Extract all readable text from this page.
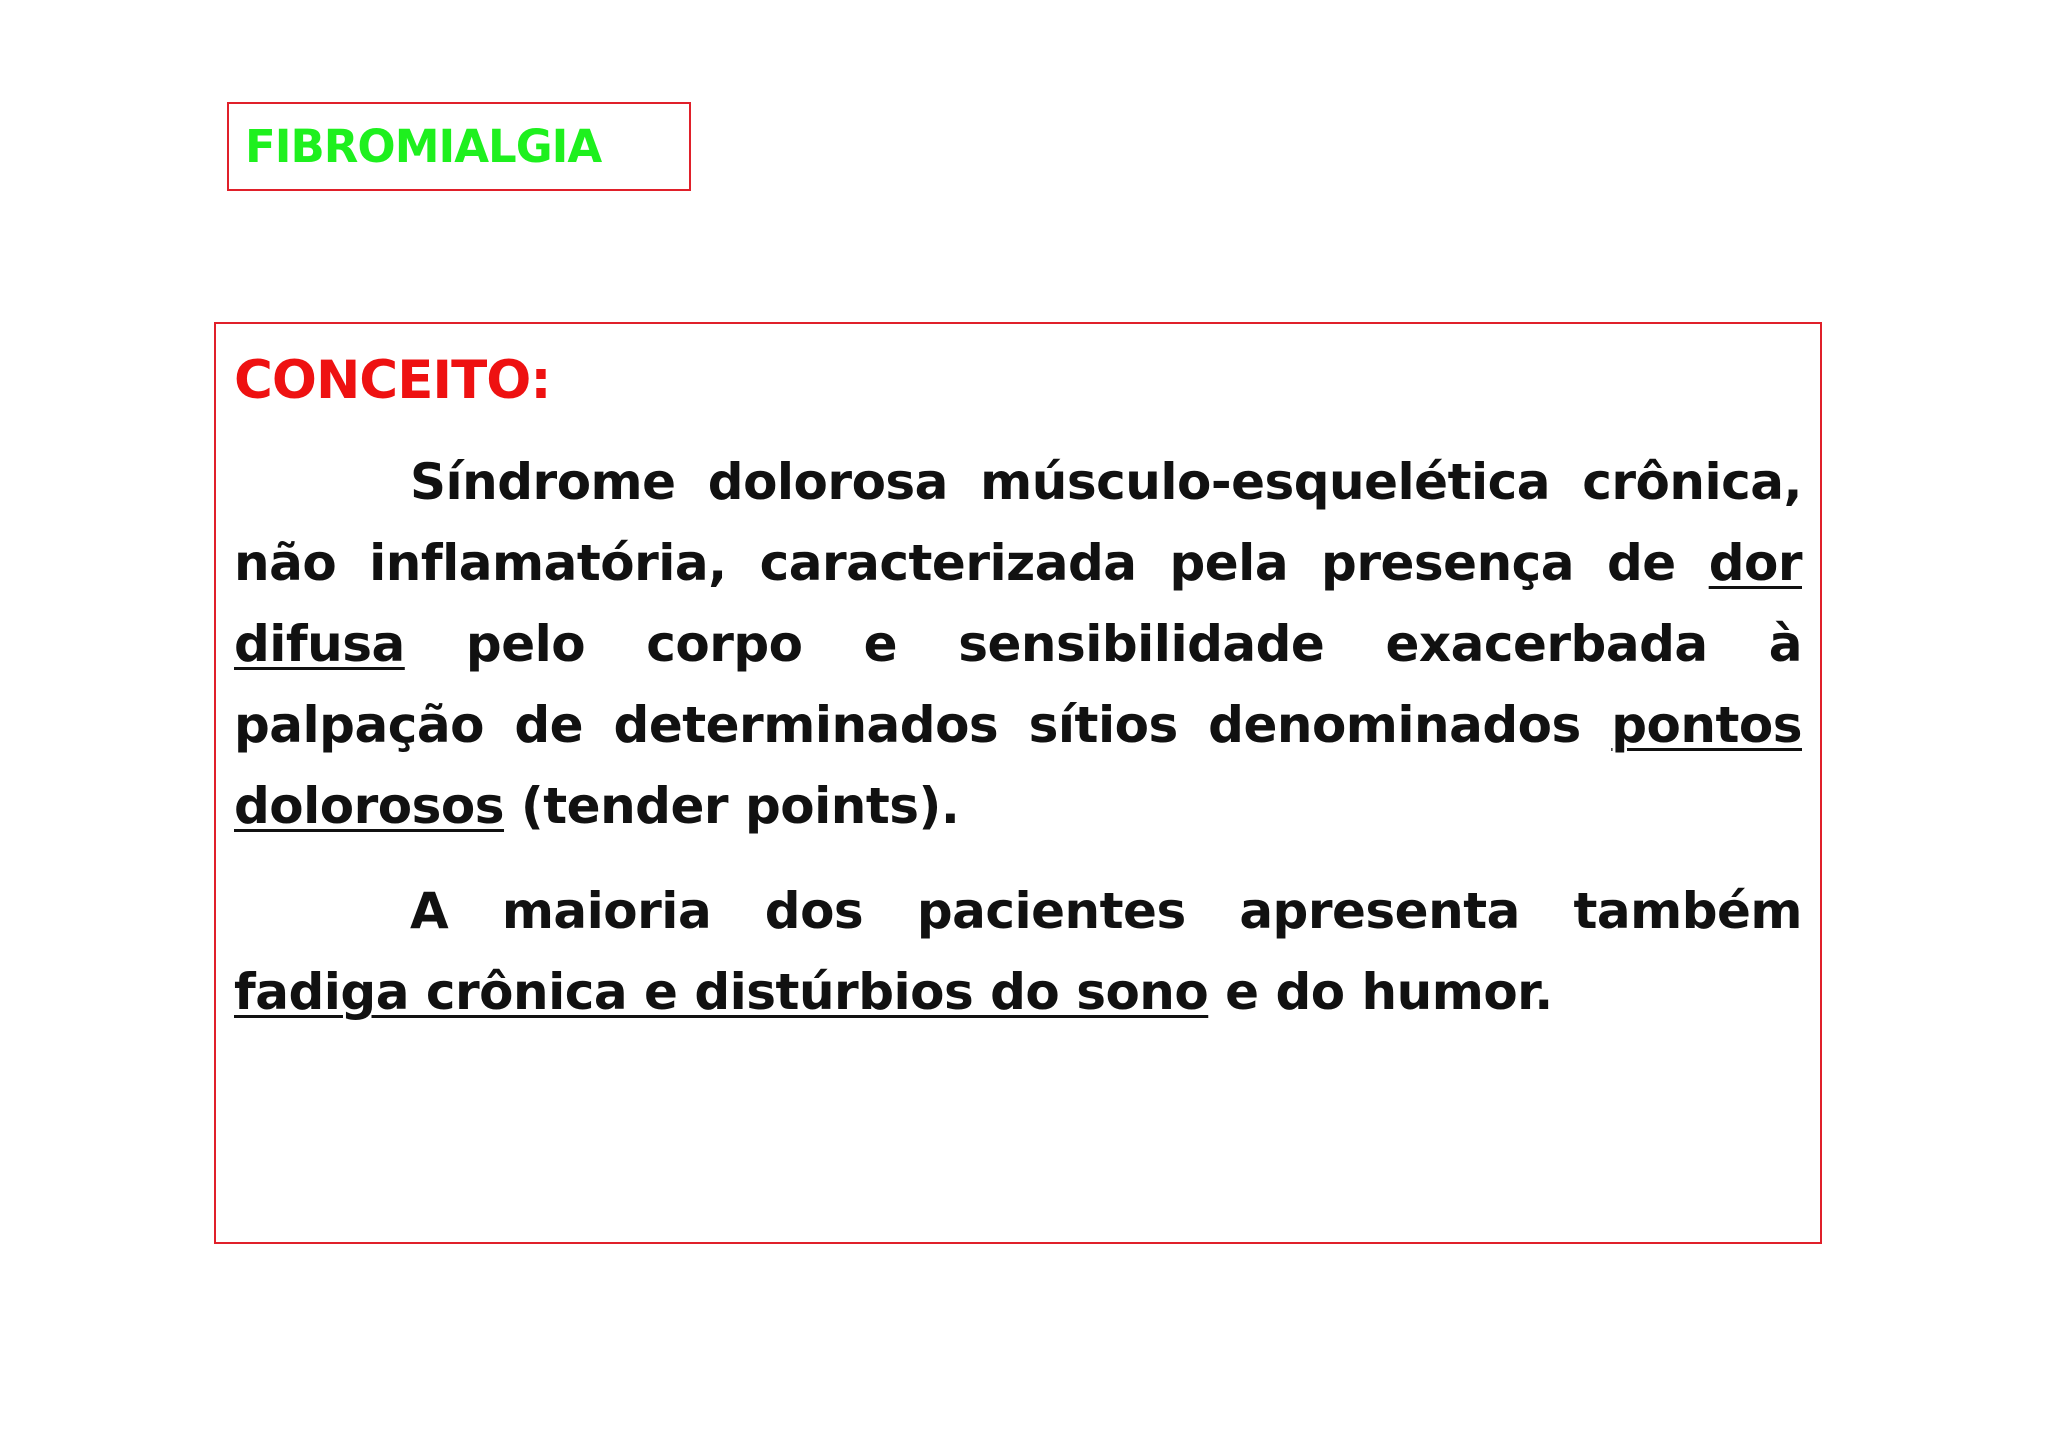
FIBROMIALGIA
CONCEITO:

Síndrome dolorosa músculo-esquelética crônica, não inflamatória, caracterizada pela presença de dor difusa pelo corpo e sensibilidade exacerbada à palpação de determinados sítios denominados pontos dolorosos (tender points).

A maioria dos pacientes apresenta também fadiga crônica e distúrbios do sono e do humor.
